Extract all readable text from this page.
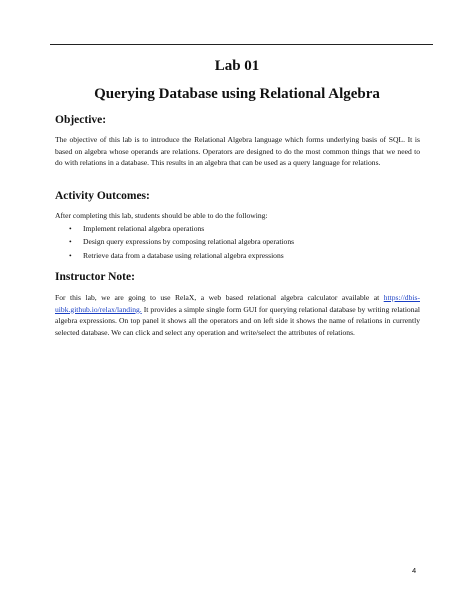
Lab 01
Querying Database using Relational Algebra
Objective:

The objective of this lab is to introduce the Relational Algebra language which forms underlying basis of SQL. It is based on algebra whose operands are relations. Operators are designed to do the most common things that we need to do with relations in a database. This results in an algebra that can be used as a query language for relations.

Activity Outcomes:

After completing this lab, students should be able to do the following:

• Implement relational algebra operations
• Design query expressions by composing relational algebra operations
• Retrieve data from a database using relational algebra expressions
Instructor Note:

For this lab, we are going to use RelaX, a web based relational algebra calculator available at https://dbis-uibk.github.io/relax/landing. It provides a simple single form GUI for querying relational database by writing relational algebra expressions. On top panel it shows all the operators and on left side it shows the name of relations in currently selected database. We can click and select any operation and write/select the attributes of relations.

4
